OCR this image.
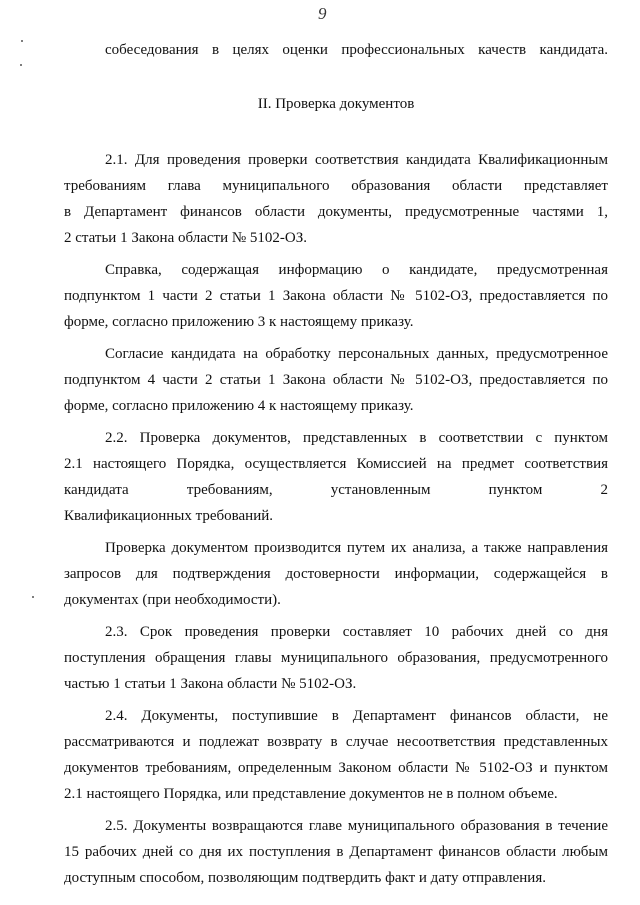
9

собеседования в целях оценки профессиональных качеств кандидата.

II. Проверка документов

2.1. Для проведения проверки соответствия кандидата Квалификационным

требованиям глава муниципального образования области представляет

в Департамент финансов области документы, предусмотренные частями 1,

2 статьи 1 Закона области № 5102-ОЗ.

Справка, содержащая информацию о кандидате, предусмотренная

подпунктом 1 части 2 статьи 1 Закона области № 5102-ОЗ, предоставляется по

форме, согласно приложению 3 к настоящему приказу.

Согласие кандидата на обработку персональных данных, предусмотренное

подпунктом 4 части 2 статьи 1 Закона области № 5102-ОЗ, предоставляется по

форме, согласно приложению 4 к настоящему приказу.

2.2. Проверка документов, представленных в соответствии с пунктом

2.1 настоящего Порядка, осуществляется Комиссией на предмет соответствия

кандидата требованиям, установленным пунктом 2

Квалификационных требований.

Проверка документом производится путем их анализа, а также направления

запросов для подтверждения достоверности информации, содержащейся в

документах (при необходимости).

2.3. Срок проведения проверки составляет 10 рабочих дней со дня

поступления обращения главы муниципального образования, предусмотренного

частью 1 статьи 1 Закона области № 5102-ОЗ.

2.4. Документы, поступившие в Департамент финансов области, не

рассматриваются и подлежат возврату в случае несоответствия представленных

документов требованиям, определенным Законом области № 5102-ОЗ и пунктом

2.1 настоящего Порядка, или представление документов не в полном объеме.

2.5. Документы возвращаются главе муниципального образования в течение

15 рабочих дней со дня их поступления в Департамент финансов области любым

доступным способом, позволяющим подтвердить факт и дату отправления.
